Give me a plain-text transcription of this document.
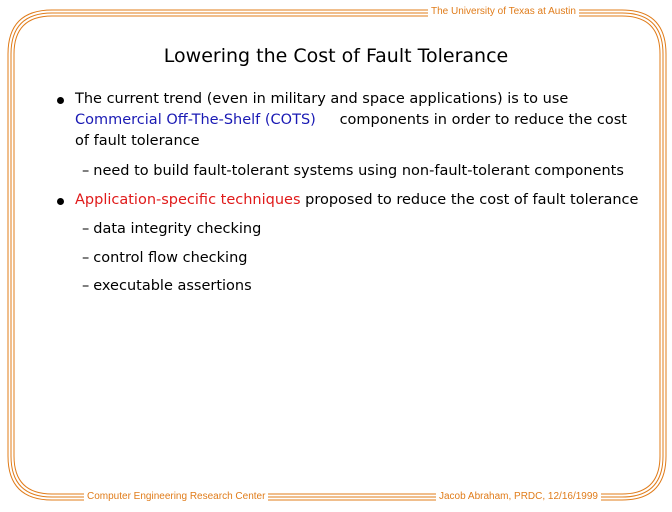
The University of Texas at Austin
Lowering the Cost of Fault Tolerance
The current trend (even in military and space applications) is to use
Commercial Off-The-Shelf (COTS) components in order to reduce the cost
of fault tolerance
– need to build fault-tolerant systems using non-fault-tolerant components
Application-specific techniques proposed to reduce the cost of fault tolerance
– data integrity checking
– control flow checking
– executable assertions
Computer Engineering Research Center	Jacob Abraham, PRDC, 12/16/1999
